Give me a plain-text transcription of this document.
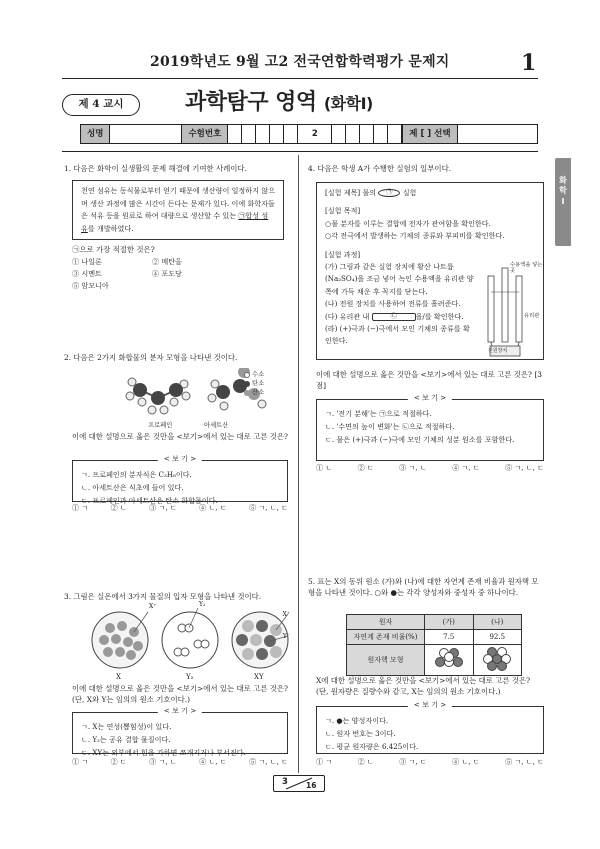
2019학년도 9월 고2 전국연합학력평가 문제지	1
제 4 교시	과학탐구 영역 (화학Ⅰ)
성명	수험번호	2	제 [ ] 선택
화
학
Ⅰ
1. 다음은 화학이 실생활의 문제 해결에 기여한 사례이다.
천연 섬유는 동식물로부터 얻기 때문에 생산량이 일정하지 않으며 생산 과정에 많은 시간이 든다는 문제가 있다. 이에 화학자들은 석유 등을 원료로 하여 대량으로 생산할 수 있는 ㉠합성 섬유를 개발하였다.
㉠으로 가장 적절한 것은?
① 나일론	② 메탄올
③ 시멘트	④ 포도당
⑤ 암모니아
2. 다음은 2가지 화합물의 분자 모형을 나타낸 것이다.
수소
탄소
산소
프로페인	아세트산
이에 대한 설명으로 옳은 것만을 <보기>에서 있는 대로 고른 것은?
< 보 기 >
ㄱ. 프로페인의 분자식은 C₃H₈이다.
ㄴ. 아세트산은 식초에 들어 있다.
ㄷ. 프로페인과 아세트산은 탄소 화합물이다.
① ㄱ	② ㄴ	③ ㄱ, ㄷ	④ ㄴ, ㄷ	⑤ ㄱ, ㄴ, ㄷ
3. 그림은 실온에서 3가지 물질의 입자 모형을 나타낸 것이다.
X⁺	Y₂
X⁺
Y⁻
X	Y₂	XY
이에 대한 설명으로 옳은 것만을 <보기>에서 있는 대로 고른 것은? (단, X와 Y는 임의의 원소 기호이다.)
< 보 기 >
ㄱ. X는 연성(뽑힘성)이 있다.
ㄴ. Y₂는 공유 결합 물질이다.
ㄷ. XY는 외부에서 힘을 가하면 쪼개지거나 부서진다.
① ㄱ	② ㄷ	③ ㄱ, ㄴ	④ ㄴ, ㄷ	⑤ ㄱ, ㄴ, ㄷ
4. 다음은 학생 A가 수행한 실험의 일부이다.
[실험 제목] 물의 ㉠ 실험
[실험 목적]
○물 분자를 이루는 결합에 전자가 관여함을 확인한다.
○각 전극에서 발생하는 기체의 종류와 부피비를 확인한다.
[실험 과정]
(가) 그림과 같은 실험 장치에 황산 나트륨(Na₂SO₄)을 조금 넣어 녹인 수용액을 유리관 양쪽에 가득 채운 후 꼭지를 닫는다.
(나) 전원 장치를 사용하여 전류를 흘려준다.
(다) 유리관 내	㉡	을/를 확인한다.
(라) (+)극과 (−)극에서 모인 기체의 종류를 확인한다.
수용액을 넣는 곳
유리관
전원장치
이에 대한 설명으로 옳은 것만을 <보기>에서 있는 대로 고른 것은? [3점]
< 보 기 >
ㄱ. '전기 분해'는 ㉠으로 적절하다.
ㄴ. '수면의 높이 변화'는 ㉡으로 적절하다.
ㄷ. 물은 (+)극과 (−)극에 모인 기체의 성분 원소를 포함한다.
① ㄴ	② ㄷ	③ ㄱ, ㄴ	④ ㄱ, ㄷ	⑤ ㄱ, ㄴ, ㄷ
5. 표는 X의 동위 원소 (가)와 (나)에 대한 자연계 존재 비율과 원자핵 모형을 나타낸 것이다. ○와 ●는 각각 양성자와 중성자 중 하나이다.
원자	(가)	(나)
자연계 존재 비율(%)	7.5	92.5
원자핵 모형		
X에 대한 설명으로 옳은 것만을 <보기>에서 있는 대로 고른 것은? (단, 원자량은 질량수와 같고, X는 임의의 원소 기호이다.)
< 보 기 >
ㄱ. ●는 양성자이다.
ㄴ. 원자 번호는 3이다.
ㄷ. 평균 원자량은 6.425이다.
① ㄱ	② ㄴ	③ ㄱ, ㄷ	④ ㄴ, ㄷ	⑤ ㄱ, ㄴ, ㄷ
3 16
